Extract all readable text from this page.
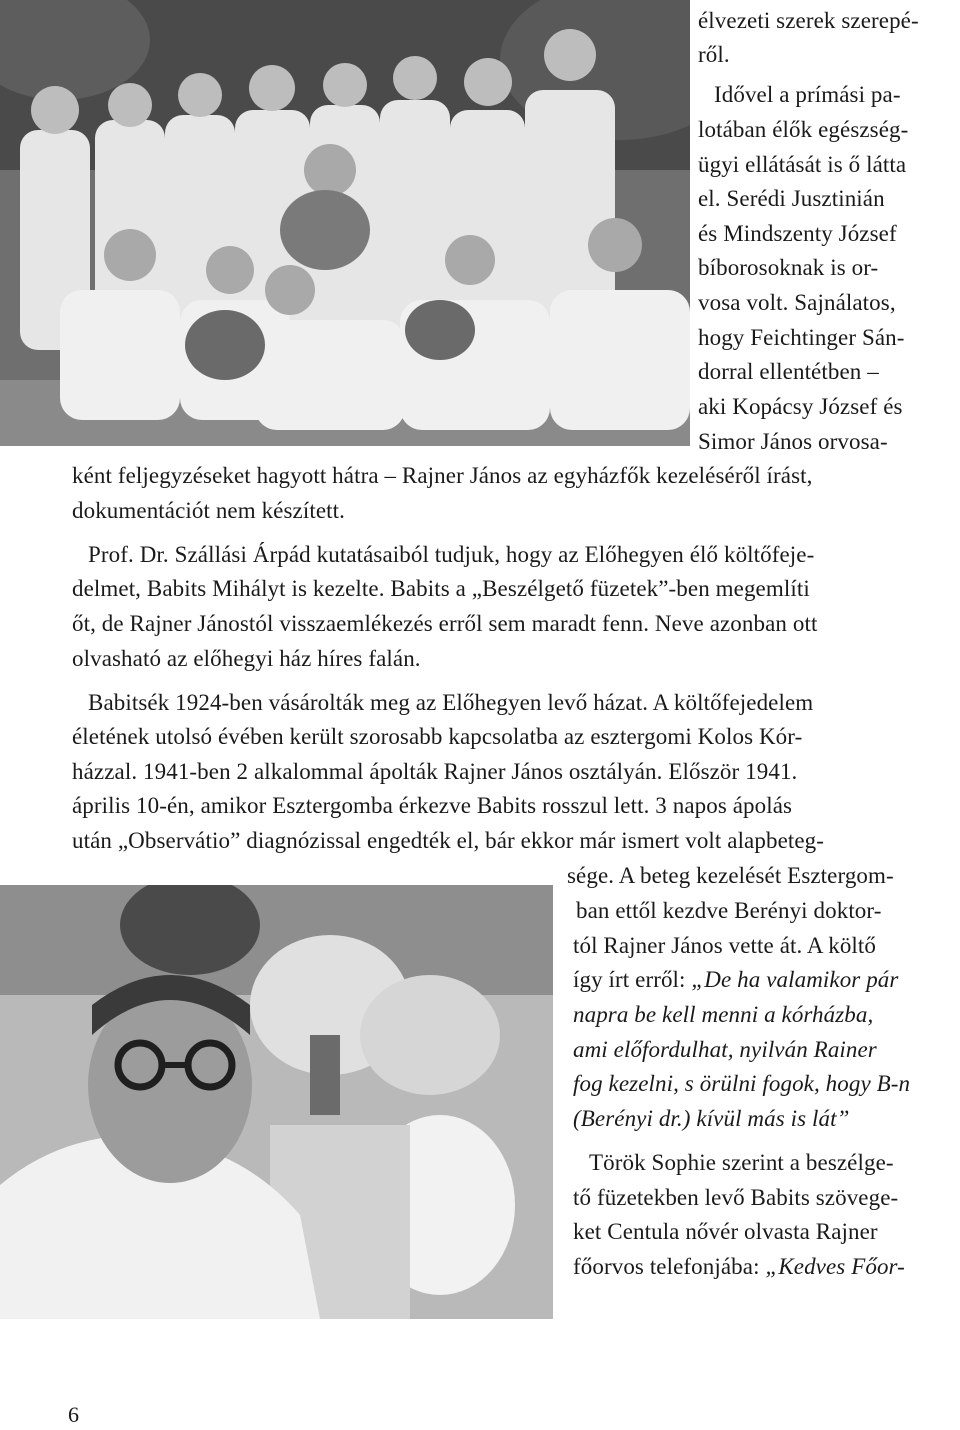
élvezeti szerek szerepé-

ről.

Idővel a prímási pa-

lotában élők egészség-

ügyi ellátását is ő látta

el. Serédi Jusztinián

és Mindszenty József

bíborosoknak is or-

vosa volt. Sajnálatos,

hogy Feichtinger Sán-

dorral ellentétben –

aki Kopácsy József és

Simor János orvosa-

ként feljegyzéseket hagyott hátra – Rajner János az egyházfők kezeléséről írást,

dokumentációt nem készített.

Prof. Dr. Szállási Árpád kutatásaiból tudjuk, hogy az Előhegyen élő költőfeje-

delmet, Babits Mihályt is kezelte. Babits a „Beszélgető füzetek”-ben megemlíti

őt, de Rajner Jánostól visszaemlékezés erről sem maradt fenn. Neve azonban ott

olvasható az előhegyi ház híres falán.

Babitsék 1924-ben vásárolták meg az Előhegyen levő házat. A költőfejedelem

életének utolsó évében került szorosabb kapcsolatba az esztergomi Kolos Kór-

házzal. 1941-ben 2 alkalommal ápolták Rajner János osztályán. Először 1941.

április 10-én, amikor Esztergomba érkezve Babits rosszul lett. 3 napos ápolás

után „Observátio” diagnózissal engedték el, bár ekkor már ismert volt alapbeteg-

sége. A beteg kezelését Esztergom-

ban ettől kezdve Berényi doktor-

tól Rajner János vette át. A költő

így írt erről: „De ha valamikor pár

napra be kell menni a kórházba,

ami előfordulhat, nyilván Rainer

fog kezelni, s örülni fogok, hogy B-n

(Berényi dr.) kívül más is lát”

Török Sophie szerint a beszélge-

tő füzetekben levő Babits szövege-

ket Centula nővér olvasta Rajner

főorvos telefonjába: „Kedves Főor-

6
